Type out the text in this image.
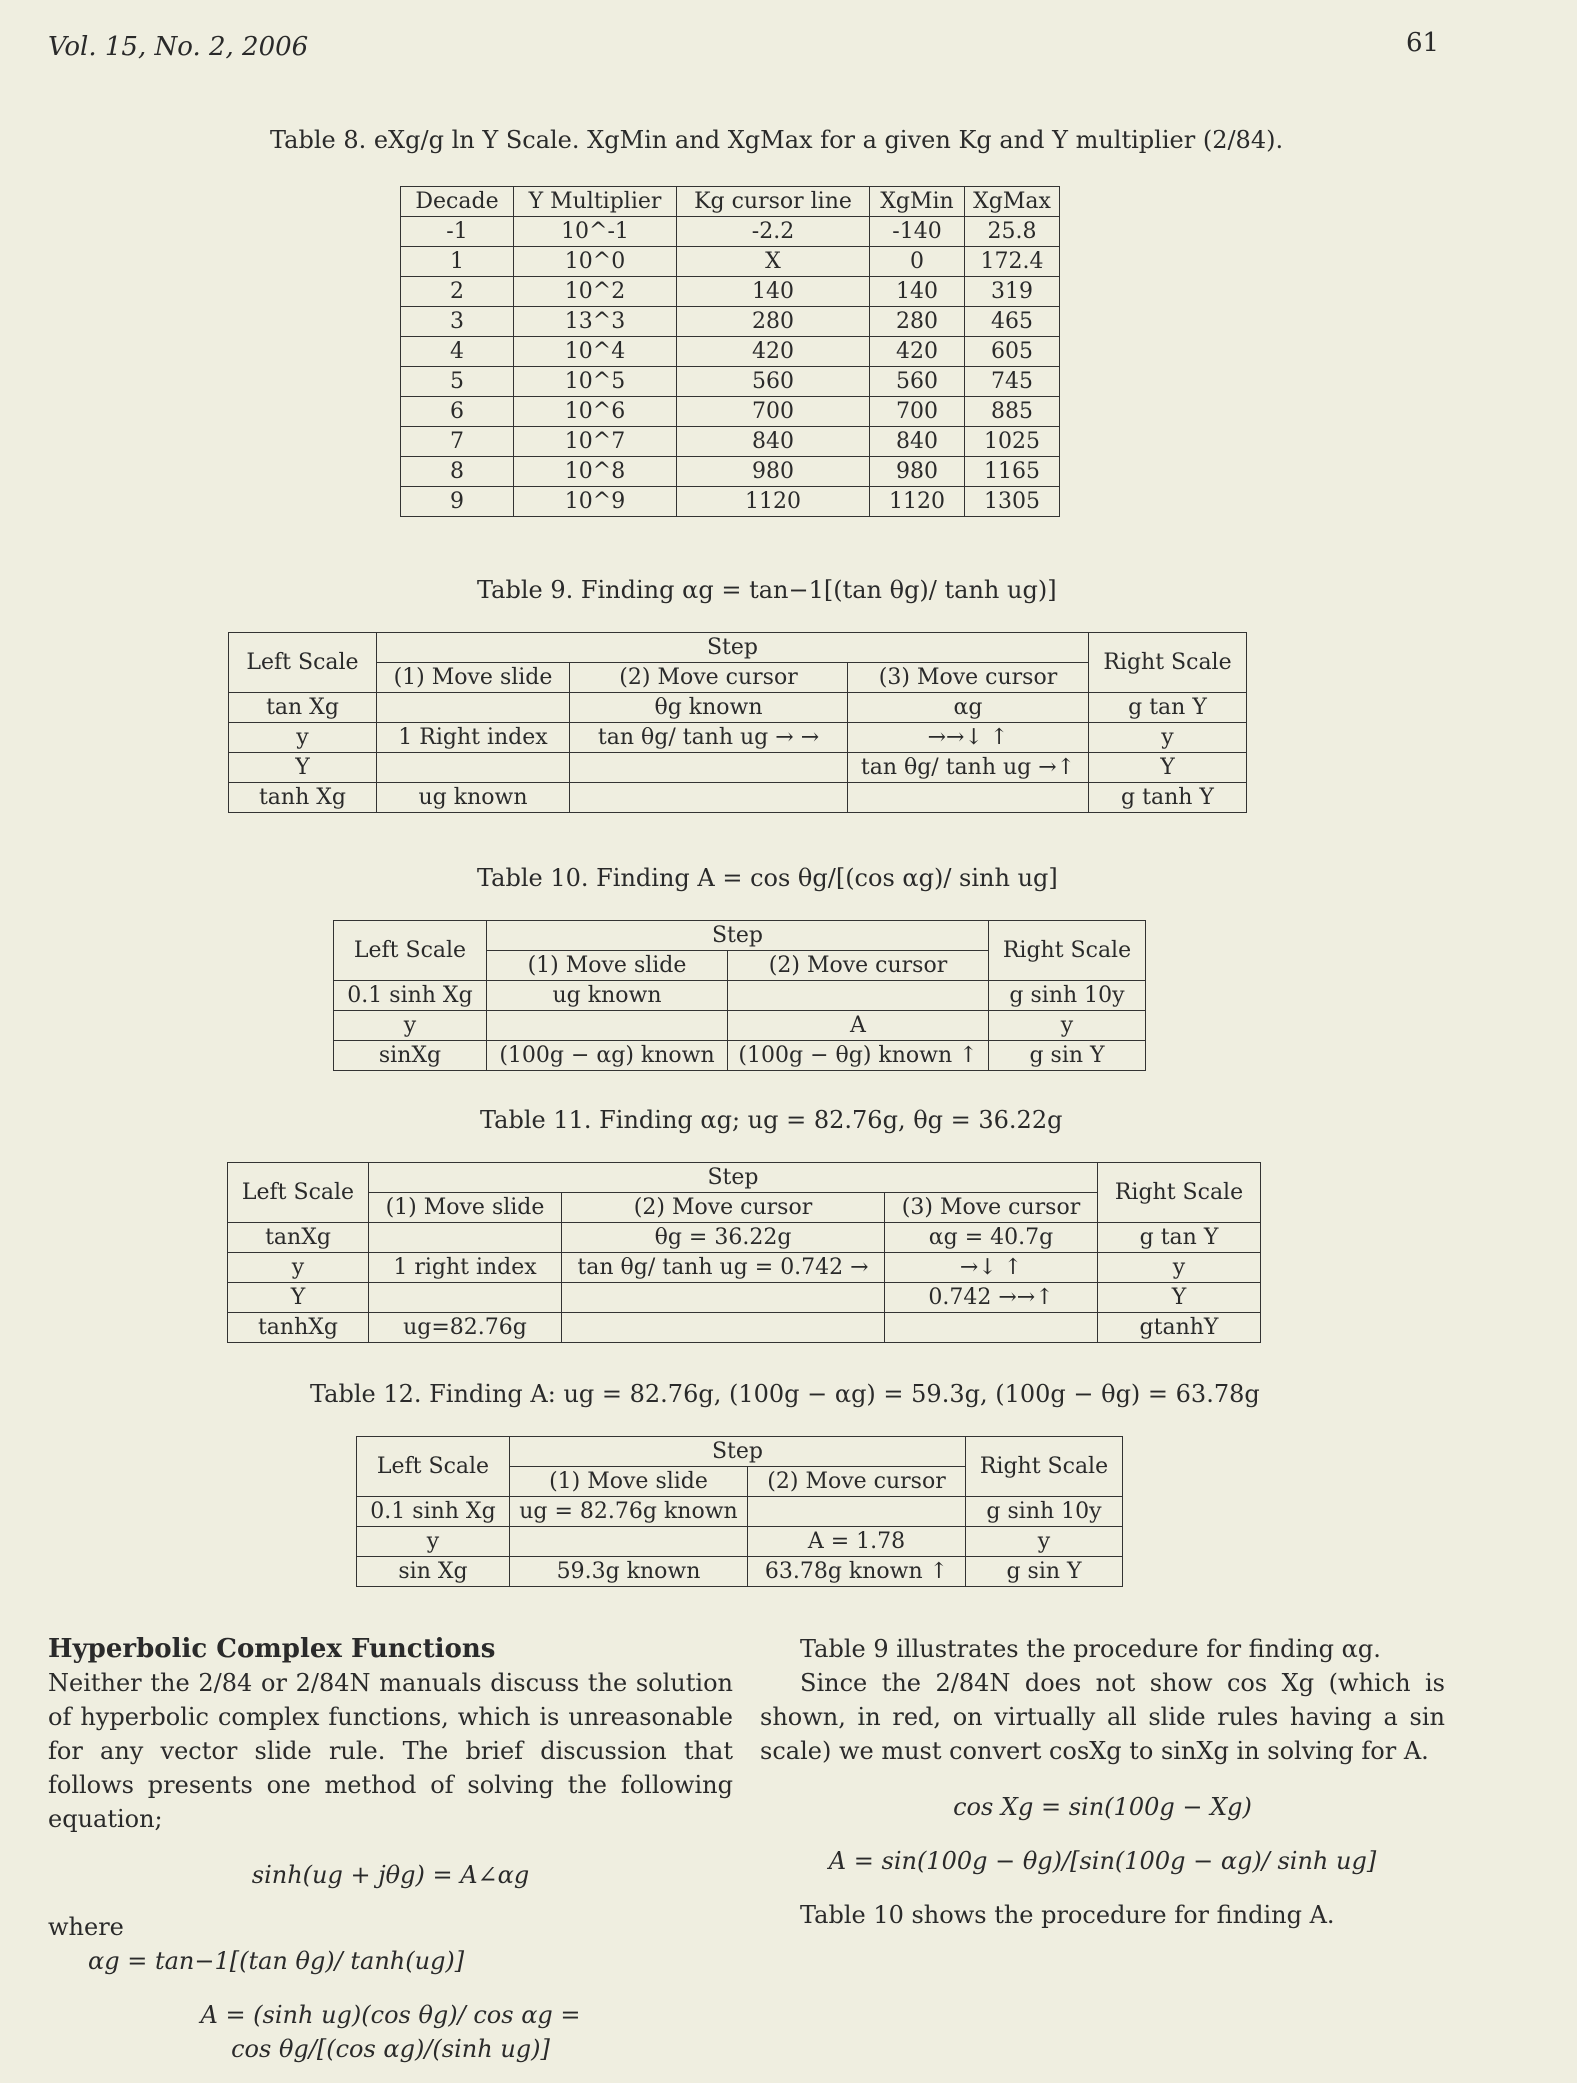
Vol. 15, No. 2, 2006	61
Table 8. eXg/g ln Y Scale. XgMin and XgMax for a given Kg and Y multiplier (2/84).
Decade	Y Multiplier	Kg cursor line	XgMin	XgMax
-1	10^-1	-2.2	-140	25.8
1	10^0	X	0	172.4
2	10^2	140	140	319
3	13^3	280	280	465
4	10^4	420	420	605
5	10^5	560	560	745
6	10^6	700	700	885
7	10^7	840	840	1025
8	10^8	980	980	1165
9	10^9	1120	1120	1305
Table 9. Finding αg = tan−1[(tan θg)/ tanh ug)]
Left Scale	Step			Right Scale
	(1) Move slide	(2) Move cursor	(3) Move cursor	
tan Xg		θg known	αg	g tan Y
y	1 Right index	tan θg/ tanh ug → →	→→↓ ↑	y
Y			tan θg/ tanh ug →↑	Y
tanh Xg	ug known			g tanh Y
Table 10. Finding A = cos θg/[(cos αg)/ sinh ug]
Left Scale	Step		Right Scale
	(1) Move slide	(2) Move cursor	
0.1 sinh Xg	ug known		g sinh 10y
y		A	y
sinXg	(100g − αg) known	(100g − θg) known ↑	g sin Y
Table 11. Finding αg; ug = 82.76g, θg = 36.22g
Left Scale	Step			Right Scale
	(1) Move slide	(2) Move cursor	(3) Move cursor	
tanXg		θg = 36.22g	αg = 40.7g	g tan Y
y	1 right index	tan θg/ tanh ug = 0.742 →	→↓ ↑	y
Y			0.742 →→↑	Y
tanhXg	ug=82.76g			gtanhY
Table 12. Finding A: ug = 82.76g, (100g − αg) = 59.3g, (100g − θg) = 63.78g
Left Scale	Step		Right Scale
	(1) Move slide	(2) Move cursor	
0.1 sinh Xg	ug = 82.76g known		g sinh 10y
y		A = 1.78	y
sin Xg	59.3g known	63.78g known ↑	g sin Y

Hyperbolic Complex Functions

Neither the 2/84 or 2/84N manuals discuss the solution of hyperbolic complex functions, which is unreasonable for any vector slide rule. The brief discussion that follows presents one method of solving the following equation;

sinh(ug + jθg) = A∠αg

where

αg = tan−1[(tan θg)/ tanh(ug)]

A = (sinh ug)(cos θg)/ cos αg =

cos θg/[(cos αg)/(sinh ug)]

Table 9 illustrates the procedure for finding αg.

Since the 2/84N does not show cos Xg (which is shown, in red, on virtually all slide rules having a sin scale) we must convert cosXg to sinXg in solving for A.

cos Xg = sin(100g − Xg)

A = sin(100g − θg)/[sin(100g − αg)/ sinh ug]

Table 10 shows the procedure for finding A.
